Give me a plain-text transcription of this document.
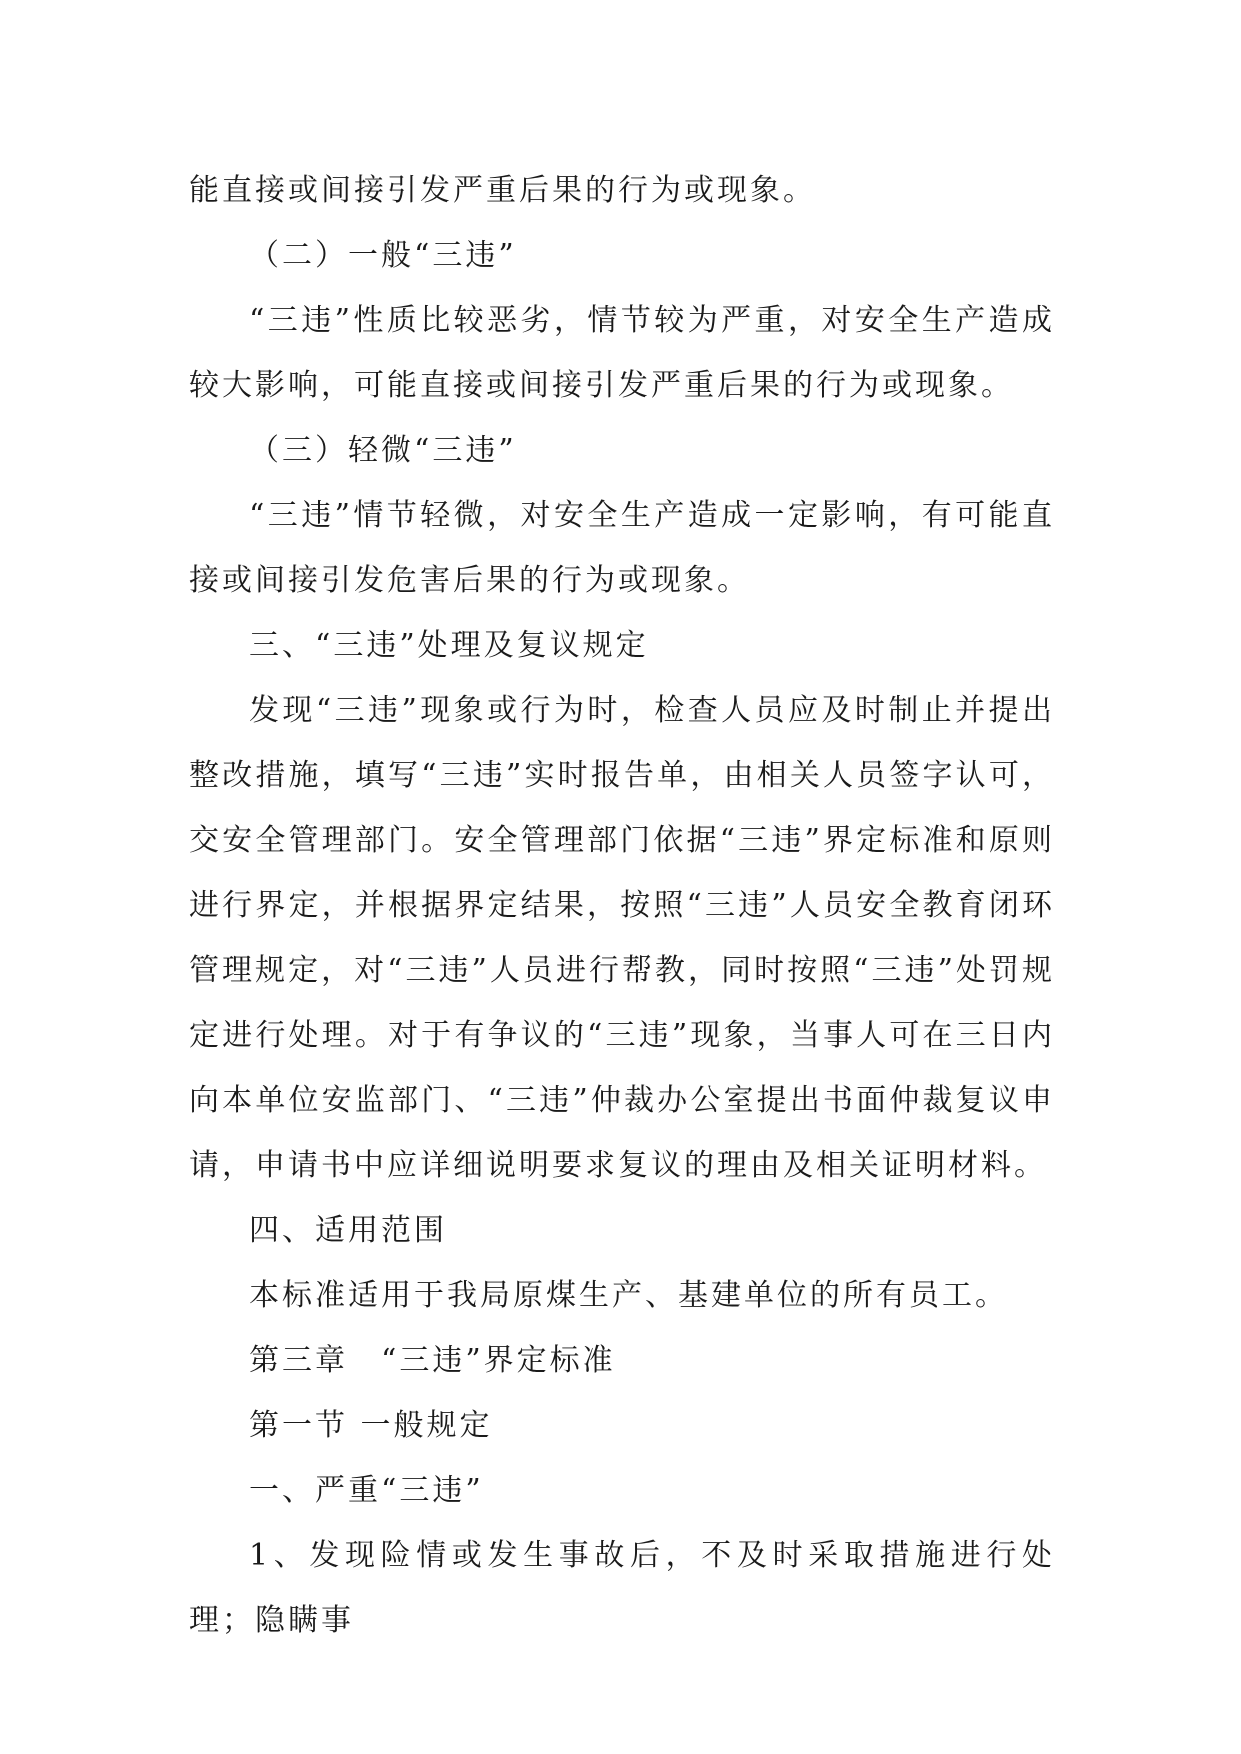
能直接或间接引发严重后果的行为或现象。

（二）一般“三违”

“三违”性质比较恶劣，情节较为严重，对安全生产造成较大影响，可能直接或间接引发严重后果的行为或现象。

（三）轻微“三违”

“三违”情节轻微，对安全生产造成一定影响，有可能直接或间接引发危害后果的行为或现象。

三、“三违”处理及复议规定

发现“三违”现象或行为时，检查人员应及时制止并提出整改措施，填写“三违”实时报告单，由相关人员签字认可，交安全管理部门。安全管理部门依据“三违”界定标准和原则进行界定，并根据界定结果，按照“三违”人员安全教育闭环管理规定，对“三违”人员进行帮教，同时按照“三违”处罚规定进行处理。对于有争议的“三违”现象，当事人可在三日内向本单位安监部门、“三违”仲裁办公室提出书面仲裁复议申请，申请书中应详细说明要求复议的理由及相关证明材料。

四、适用范围

本标准适用于我局原煤生产、基建单位的所有员工。

第三章　“三违”界定标准

第一节 一般规定

一、严重“三违”

1、发现险情或发生事故后，不及时采取措施进行处理；隐瞒事
